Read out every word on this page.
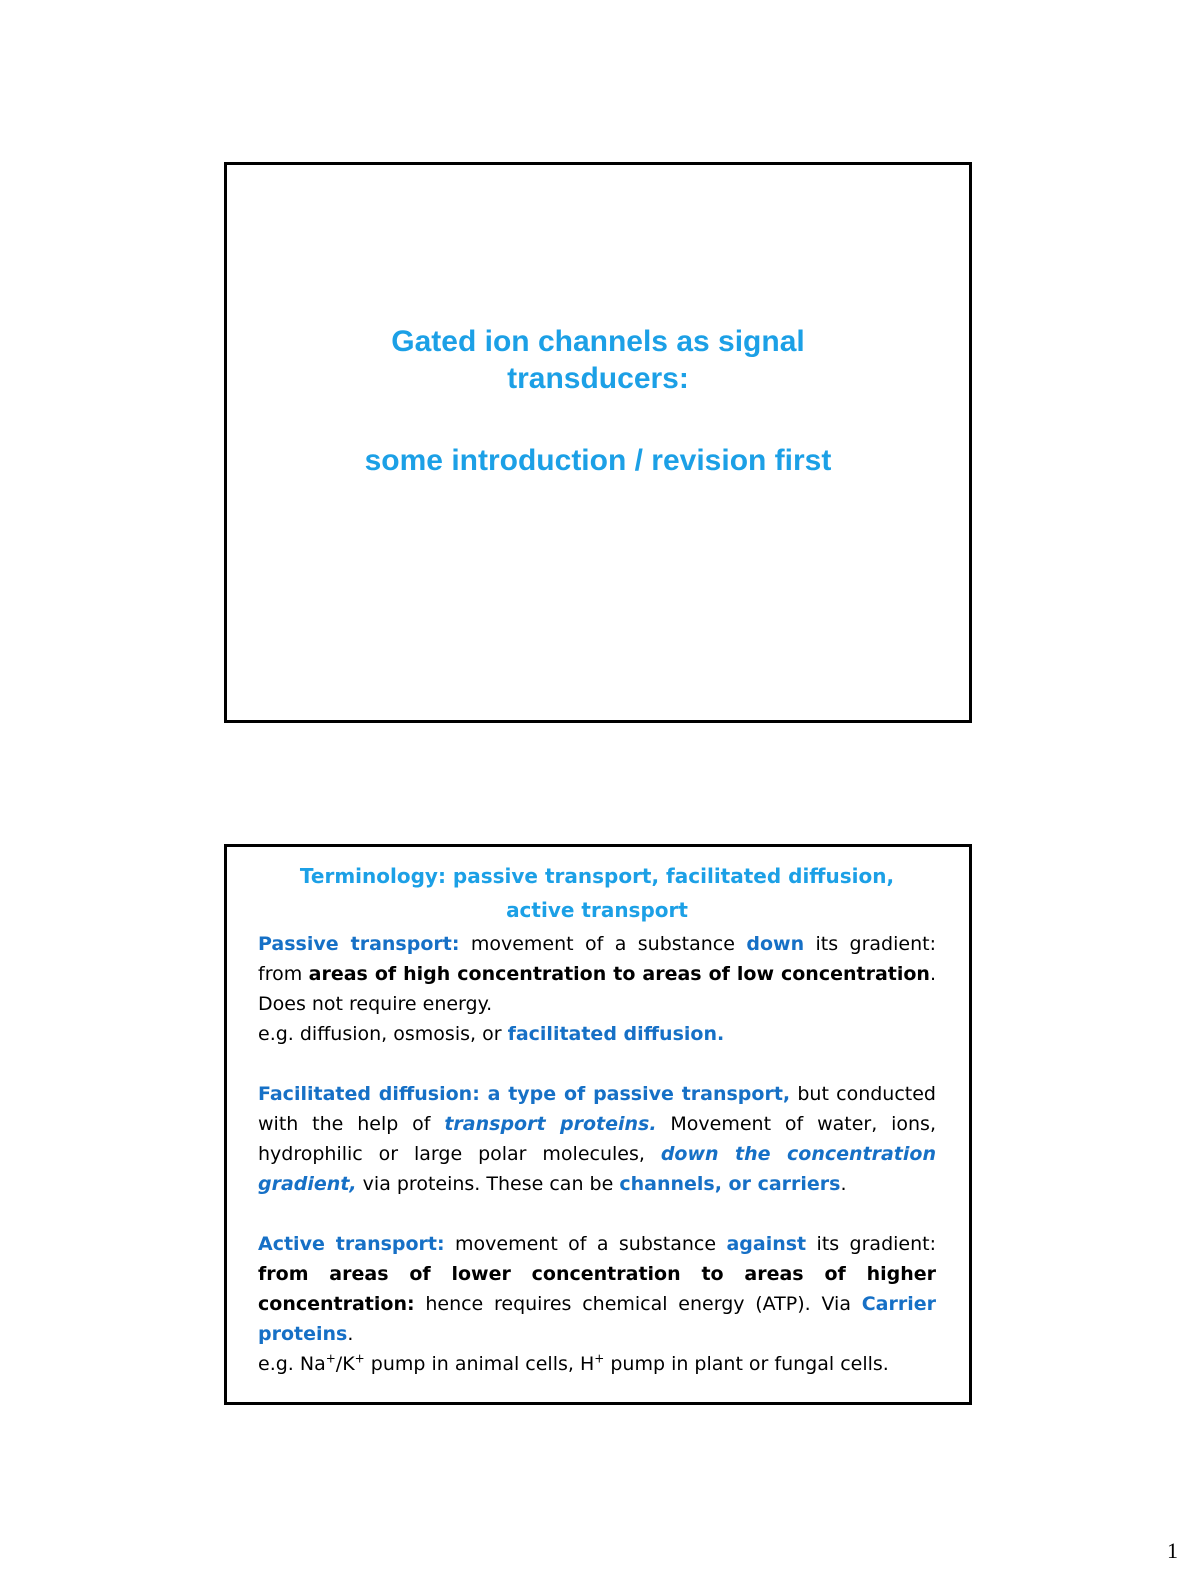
Gated ion channels as signal
transducers:
some introduction / revision first
Terminology: passive transport, facilitated diffusion,
active transport

Passive transport: movement of a substance down its gradient: from areas of high concentration to areas of low concentration. Does not require energy.
e.g. diffusion, osmosis, or facilitated diffusion.

Facilitated diffusion: a type of passive transport, but conducted with the help of transport proteins. Movement of water, ions, hydrophilic or large polar molecules, down the concentration gradient, via proteins. These can be channels, or carriers.

Active transport: movement of a substance against its gradient: from areas of lower concentration to areas of higher concentration: hence requires chemical energy (ATP). Via Carrier proteins.
e.g. Na+/K+ pump in animal cells, H+ pump in plant or fungal cells.

1
